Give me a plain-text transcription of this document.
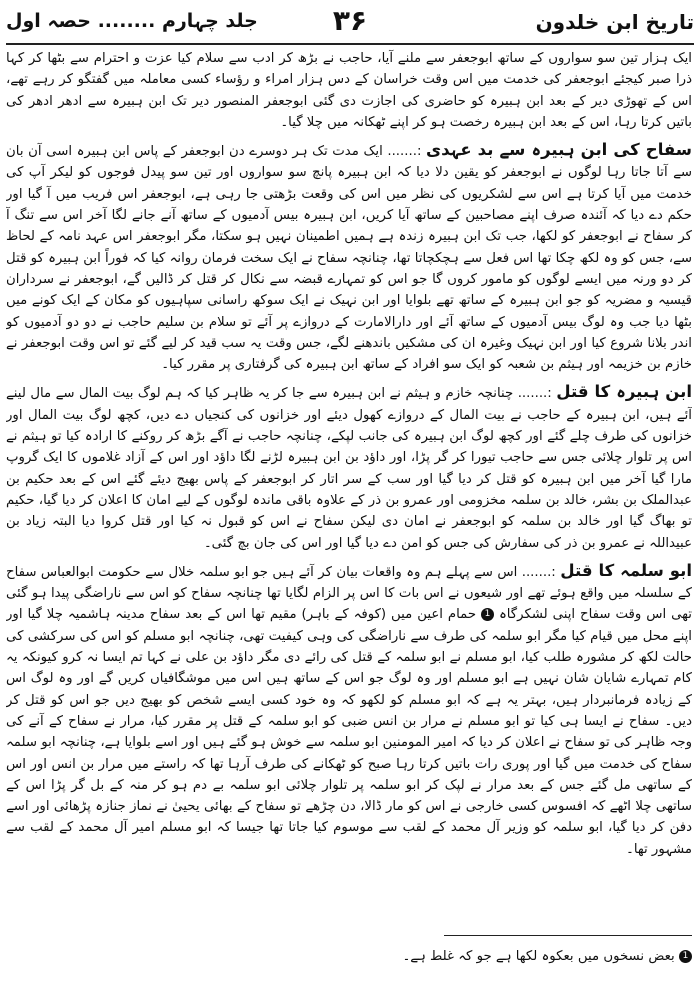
تاریخ ابن خلدون
۳۶
جلد چہارم ........ حصہ اول

ایک ہزار تین سو سواروں کے ساتھ ابوجعفر سے ملنے آیا، حاجب نے بڑھ کر ادب سے سلام کیا عزت و احترام سے بٹھا کر کہا ذرا صبر کیجئے ابوجعفر کی خدمت میں اس وقت خراسان کے دس ہزار امراء و رؤساء کسی معاملہ میں گفتگو کر رہے تھے، اس کے تھوڑی دیر کے بعد ابن ہبیرہ کو حاضری کی اجازت دی گئی ابوجعفر المنصور دیر تک ابن ہبیرہ سے ادھر ادھر کی باتیں کرتا رہا، اس کے بعد ابن ہبیرہ رخصت ہو کر اپنے ٹھکانہ میں چلا گیا۔

سفاح کی ابن ہبیرہ سے بد عہدی :....... ایک مدت تک ہر دوسرے دن ابوجعفر کے پاس ابن ہبیرہ اسی آن بان سے آتا جاتا رہا لوگوں نے ابوجعفر کو یقین دلا دیا کہ ابن ہبیرہ پانچ سو سواروں اور تین سو پیدل فوجوں کو لیکر آپ کی خدمت میں آیا کرتا ہے اس سے لشکریوں کی نظر میں اس کی وقعت بڑھتی جا رہی ہے، ابوجعفر اس فریب میں آ گیا اور حکم دے دیا کہ آئندہ صرف اپنے مصاحبین کے ساتھ آیا کریں، ابن ہبیرہ بیس آدمیوں کے ساتھ آنے جانے لگا آخر اس سے تنگ آ کر سفاح نے ابوجعفر کو لکھا، جب تک ابن ہبیرہ زندہ ہے ہمیں اطمینان نہیں ہو سکتا، مگر ابوجعفر اس عہد نامہ کے لحاظ سے، جس کو وہ لکھ چکا تھا اس فعل سے ہچکچاتا تھا، چنانچہ سفاح نے ایک سخت فرمان روانہ کیا کہ فوراً ابن ہبیرہ کو قتل کر دو ورنہ میں ایسے لوگوں کو مامور کروں گا جو اس کو تمہارے قبضہ سے نکال کر قتل کر ڈالیں گے، ابوجعفر نے سرداران قیسیہ و مضریہ کو جو ابن ہبیرہ کے ساتھ تھے بلوایا اور ابن نہیک نے ایک سوکھ راسانی سپاہیوں کو مکان کے ایک کونے میں بٹھا دیا جب وہ لوگ بیس آدمیوں کے ساتھ آئے اور دارالامارت کے دروازے پر آئے تو سلام بن سلیم حاجب نے دو دو آدمیوں کو اندر بلانا شروع کیا اور ابن نہیک وغیرہ ان کی مشکیں باندھنے لگے، جس وقت یہ سب قید کر لیے گئے تو اس وقت ابوجعفر نے خازم بن خزیمہ اور ہیثم بن شعبہ کو ایک سو افراد کے ساتھ ابن ہبیرہ کی گرفتاری پر مقرر کیا۔

ابن ہبیرہ کا قتل :....... چنانچہ خازم و ہیثم نے ابن ہبیرہ سے جا کر یہ ظاہر کیا کہ ہم لوگ بیت المال سے مال لینے آئے ہیں، ابن ہبیرہ کے حاجب نے بیت المال کے دروازے کھول دیئے اور خزانوں کی کنجیاں دے دیں، کچھ لوگ بیت المال اور خزانوں کی طرف چلے گئے اور کچھ لوگ ابن ہبیرہ کی جانب لپکے، چنانچہ حاجب نے آگے بڑھ کر روکنے کا ارادہ کیا تو ہیثم نے اس پر تلوار چلائی جس سے حاجب تیورا کر گر پڑا، اور داؤد بن ابن ہبیرہ لڑنے لگا داؤد اور اس کے آزاد غلاموں کا ایک گروپ مارا گیا آخر میں ابن ہبیرہ کو قتل کر دیا گیا اور سب کے سر اتار کر ابوجعفر کے پاس بھیج دیئے گئے اس کے بعد حکیم بن عبدالملک بن بشر، خالد بن سلمہ مخزومی اور عمرو بن ذر کے علاوہ باقی ماندہ لوگوں کے لیے امان کا اعلان کر دیا گیا، حکیم تو بھاگ گیا اور خالد بن سلمہ کو ابوجعفر نے امان دی لیکن سفاح نے اس کو قبول نہ کیا اور قتل کروا دیا البتہ زیاد بن عبیداللہ نے عمرو بن ذر کی سفارش کی جس کو امن دے دیا گیا اور اس کی جان بچ گئی۔

ابو سلمہ کا قتل :....... اس سے پہلے ہم وہ واقعات بیان کر آئے ہیں جو ابو سلمہ خلال سے حکومت ابوالعباس سفاح کے سلسلہ میں واقع ہوئے تھے اور شیعوں نے اس بات کا اس پر الزام لگایا تھا چنانچہ سفاح کو اس سے ناراضگی پیدا ہو گئی تھی اس وقت سفاح اپنی لشکرگاہ 1 حمام اعین میں (کوفہ کے باہر) مقیم تھا اس کے بعد سفاح مدینہ ہاشمیہ چلا گیا اور اپنے محل میں قیام کیا مگر ابو سلمہ کی طرف سے ناراضگی کی وہی کیفیت تھی، چنانچہ ابو مسلم کو اس کی سرکشی کی حالت لکھ کر مشورہ طلب کیا، ابو مسلم نے ابو سلمہ کے قتل کی رائے دی مگر داؤد بن علی نے کہا تم ایسا نہ کرو کیونکہ یہ کام تمہارے شایان شان نہیں ہے ابو مسلم اور وہ لوگ جو اس کے ساتھ ہیں اس میں موشگافیاں کریں گے اور وہ لوگ اس کے زیادہ فرمانبردار ہیں، بہتر یہ ہے کہ ابو مسلم کو لکھو کہ وہ خود کسی ایسے شخص کو بھیج دیں جو اس کو قتل کر دیں۔ سفاح نے ایسا ہی کیا تو ابو مسلم نے مرار بن انس ضبی کو ابو سلمہ کے قتل پر مقرر کیا، مرار نے سفاح کے آنے کی وجہ ظاہر کی تو سفاح نے اعلان کر دیا کہ امیر المومنین ابو سلمہ سے خوش ہو گئے ہیں اور اسے بلوایا ہے، چنانچہ ابو سلمہ سفاح کی خدمت میں گیا اور پوری رات باتیں کرتا رہا صبح کو ٹھکانے کی طرف آرہا تھا کہ راستے میں مرار بن انس اور اس کے ساتھی مل گئے جس کے بعد مرار نے لپک کر ابو سلمہ پر تلوار چلائی ابو سلمہ بے دم ہو کر منہ کے بل گر پڑا اس کے ساتھی چلا اٹھے کہ افسوس کسی خارجی نے اس کو مار ڈالا، دن چڑھے تو سفاح کے بھائی یحییٰ نے نماز جنازہ پڑھائی اور اسے دفن کر دیا گیا، ابو سلمہ کو وزیر آل محمد کے لقب سے موسوم کیا جاتا تھا جیسا کہ ابو مسلم امیر آل محمد کے لقب سے مشہور تھا۔

1 بعض نسخوں میں بعکوہ لکھا ہے جو کہ غلط ہے۔
